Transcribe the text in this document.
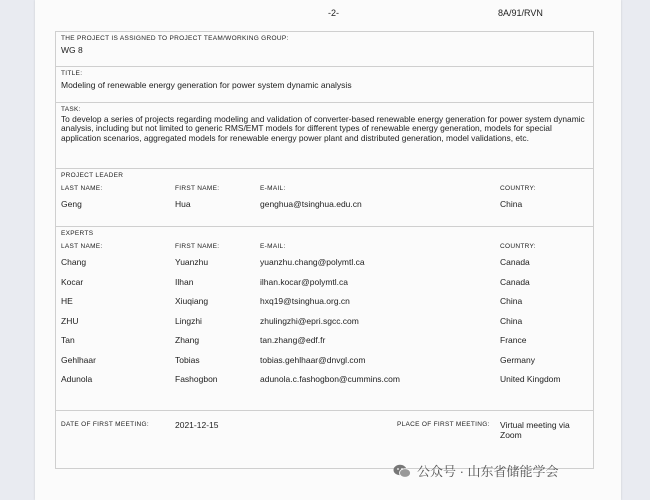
-2-	8A/91/RVN
THE PROJECT IS ASSIGNED TO PROJECT TEAM/WORKING GROUP:
WG 8
TITLE:
Modeling of renewable energy generation for power system dynamic analysis
TASK:
To develop a series of projects regarding modeling and validation of converter-based renewable energy generation for power system dynamic analysis, including but not limited to generic RMS/EMT models for different types of renewable energy generation, models for special application scenarios, aggregated models for renewable energy power plant and distributed generation, model validations, etc.
PROJECT LEADER
LAST NAME:	FIRST NAME:	E-MAIL:	COUNTRY:
Geng	Hua	genghua@tsinghua.edu.cn	China
EXPERTS
LAST NAME:	FIRST NAME:	E-MAIL:	COUNTRY:
Chang	Yuanzhu	yuanzhu.chang@polymtl.ca	Canada
Kocar	Ilhan	ilhan.kocar@polymtl.ca	Canada
HE	Xiuqiang	hxq19@tsinghua.org.cn	China
ZHU	Lingzhi	zhulingzhi@epri.sgcc.com	China
Tan	Zhang	tan.zhang@edf.fr	France
Gehlhaar	Tobias	tobias.gehlhaar@dnvgl.com	Germany
Adunola	Fashogbon	adunola.c.fashogbon@cummins.com	United Kingdom
DATE OF FIRST MEETING:	2021-12-15	PLACE OF FIRST MEETING: Virtual meeting via Zoom
公众号 · 山东省储能学会
